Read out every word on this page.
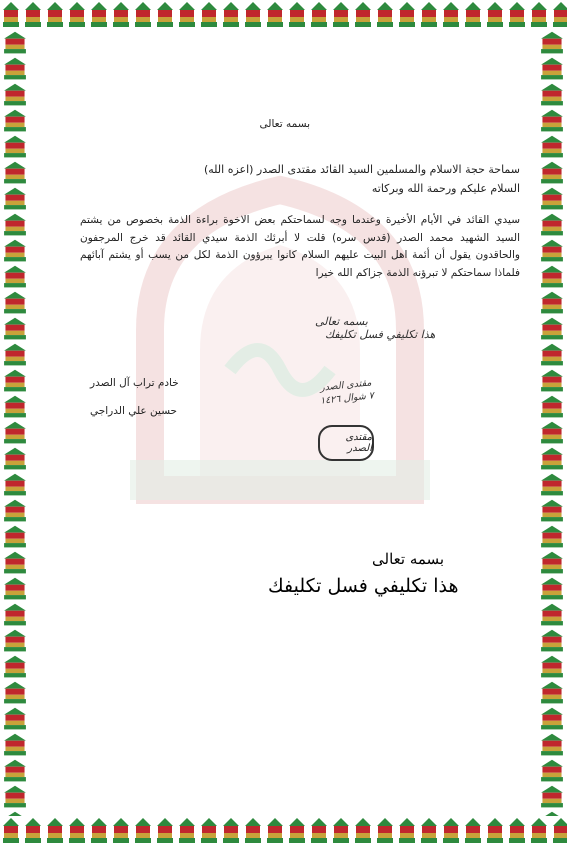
بسمه تعالى
سماحة حجة الاسلام والمسلمين السيد القائد مقتدى الصدر (اعزه الله)
السلام عليكم ورحمة الله وبركاته
سيدي القائد في الأيام الأخيرة وعندما وجه لسماحتكم بعض الاخوة براءة الذمة بخصوص من يشتم السيد الشهيد محمد الصدر (قدس سره) قلت لا أبرئك الذمة سيدي القائد قد خرج المرجفون والحاقدون يقول أن أئمة اهل البيت عليهم السلام كانوا يبرؤون الذمة لكل من يسب أو يشتم آبائهم فلماذا سماحتكم لا تبرؤنه الذمة جزاكم الله خيرا
بسمه تعالى
هذا تكليفي فسل تكليفك
مقتدى الصدر
٧ شوال ١٤٢٦
خادم تراب آل الصدر
حسين علي الدراجي
مقتدى الصدر
بسمه تعالى
هذا تكليفي فسل تكليفك
